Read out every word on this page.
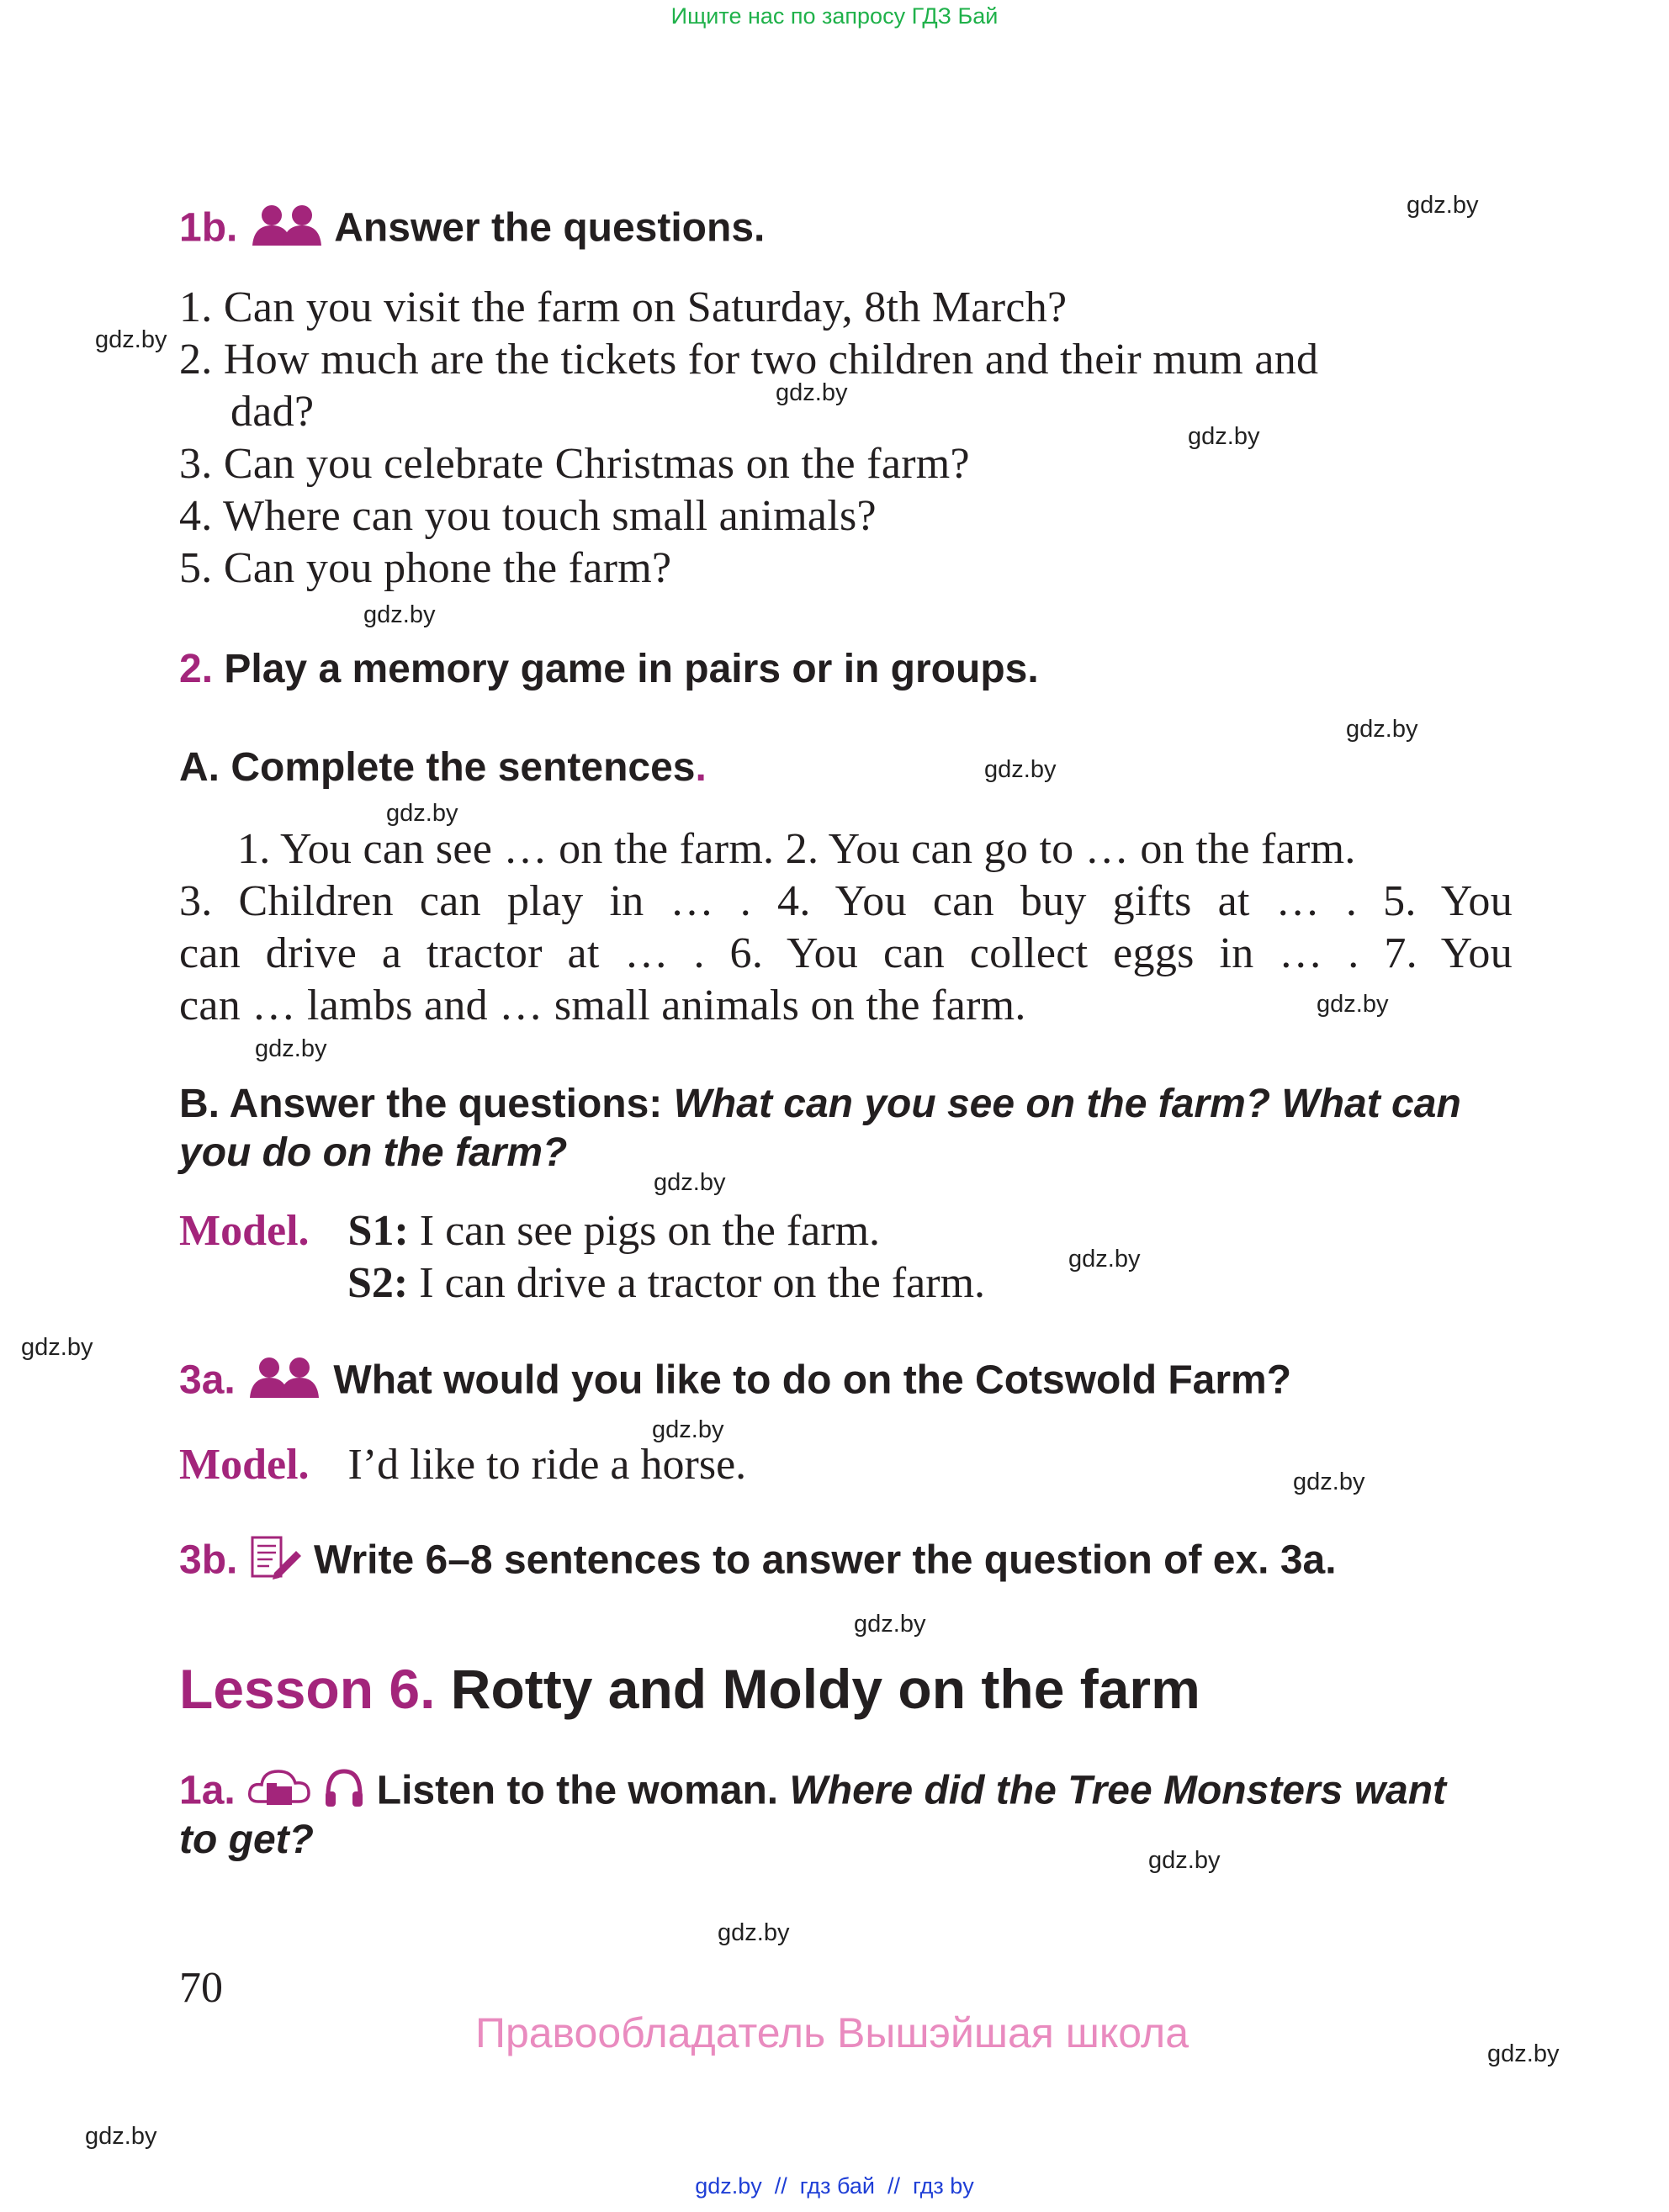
Ищите нас по запросу ГДЗ Бай
1b. Answer the questions.
1. Can you visit the farm on Saturday, 8th March?
2. How much are the tickets for two children and their mum and
dad?
3. Can you celebrate Christmas on the farm?
4. Where can you touch small animals?
5. Can you phone the farm?
2. Play a memory game in pairs or in groups.
A. Complete the sentences.
1. You can see … on the farm. 2. You can go to … on the farm.
3. Children can play in … . 4. You can buy gifts at … . 5. You
can drive a tractor at … . 6. You can collect eggs in … . 7. You
can … lambs and … small animals on the farm.
B. Answer the questions: What can you see on the farm? What can
you do on the farm?
Model. S1: I can see pigs on the farm.
S2: I can drive a tractor on the farm.
3a. What would you like to do on the Cotswold Farm?
Model. I’d like to ride a horse.
3b. Write 6–8 sentences to answer the question of ex. 3a.
Lesson 6. Rotty and Moldy on the farm
1a.	Listen to the woman. Where did the Tree Monsters want
to get?
70
Правообладатель Вышэйшая школа
gdz.by  //  гдз бай  //  гдз by
gdz.by
gdz.by
gdz.by
gdz.by
gdz.by
gdz.by
gdz.by
gdz.by
gdz.by
gdz.by
gdz.by
gdz.by
gdz.by
gdz.by
gdz.by
gdz.by
gdz.by
gdz.by
gdz.by
gdz.by
